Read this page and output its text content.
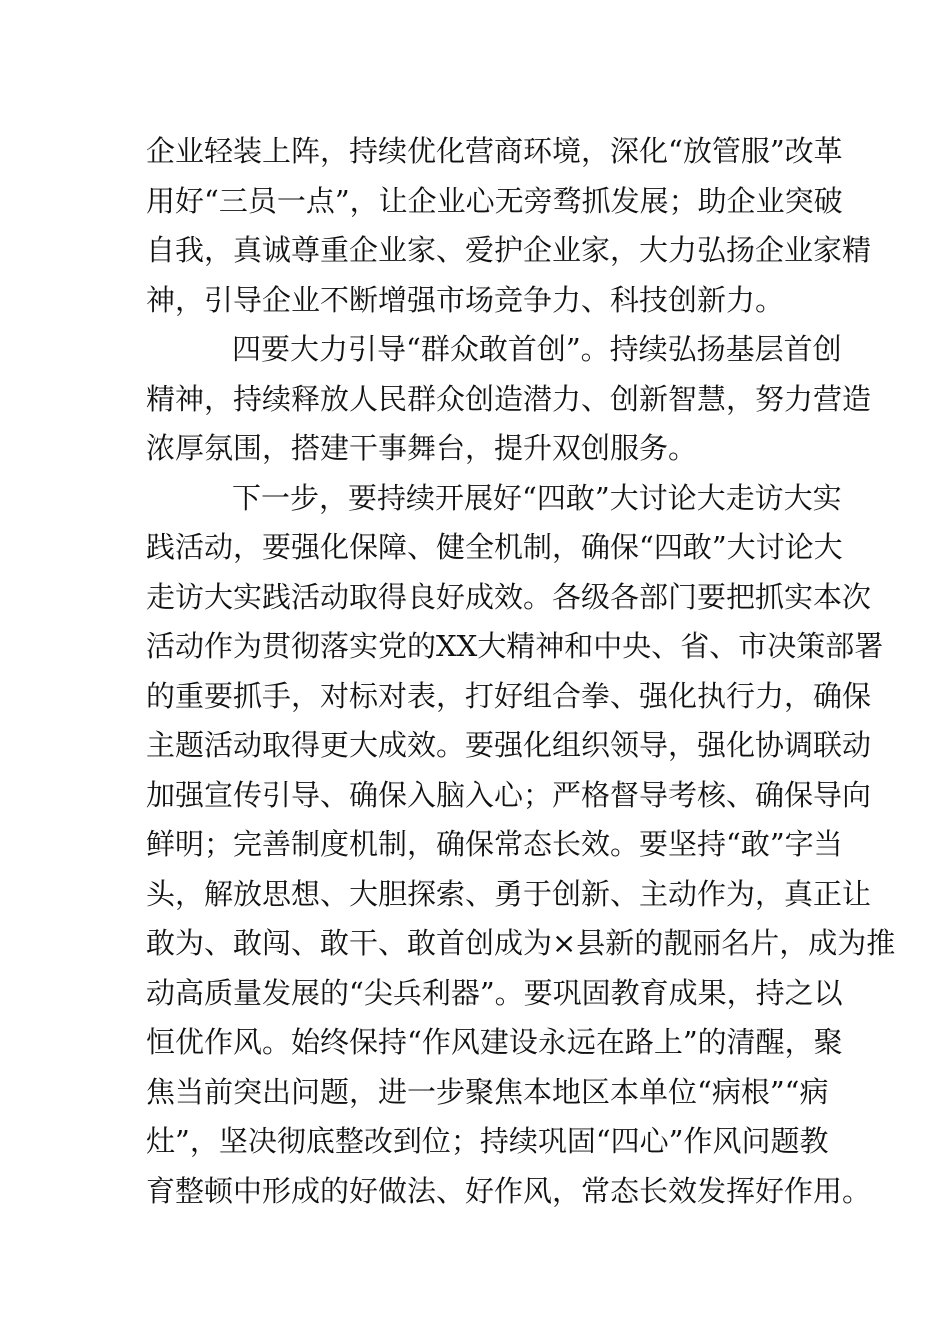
企业轻装上阵，持续优化营商环境，深化“放管服”改革
用好“三员一点”，让企业心无旁骛抓发展；助企业突破
自我，真诚尊重企业家、爱护企业家，大力弘扬企业家精
神，引导企业不断增强市场竞争力、科技创新力。
四要大力引导“群众敢首创”。持续弘扬基层首创
精神，持续释放人民群众创造潜力、创新智慧，努力营造
浓厚氛围，搭建干事舞台，提升双创服务。
下一步，要持续开展好“四敢”大讨论大走访大实
践活动，要强化保障、健全机制，确保“四敢”大讨论大
走访大实践活动取得良好成效。各级各部门要把抓实本次
活动作为贯彻落实党的XX大精神和中央、省、市决策部署
的重要抓手，对标对表，打好组合拳、强化执行力，确保
主题活动取得更大成效。要强化组织领导，强化协调联动
加强宣传引导、确保入脑入心；严格督导考核、确保导向
鲜明；完善制度机制，确保常态长效。要坚持“敢”字当
头，解放思想、大胆探索、勇于创新、主动作为，真正让
敢为、敢闯、敢干、敢首创成为×县新的靓丽名片，成为推
动高质量发展的“尖兵利器”。要巩固教育成果，持之以
恒优作风。始终保持“作风建设永远在路上”的清醒，聚
焦当前突出问题，进一步聚焦本地区本单位“病根”“病
灶”，坚决彻底整改到位；持续巩固“四心”作风问题教
育整顿中形成的好做法、好作风，常态长效发挥好作用。
